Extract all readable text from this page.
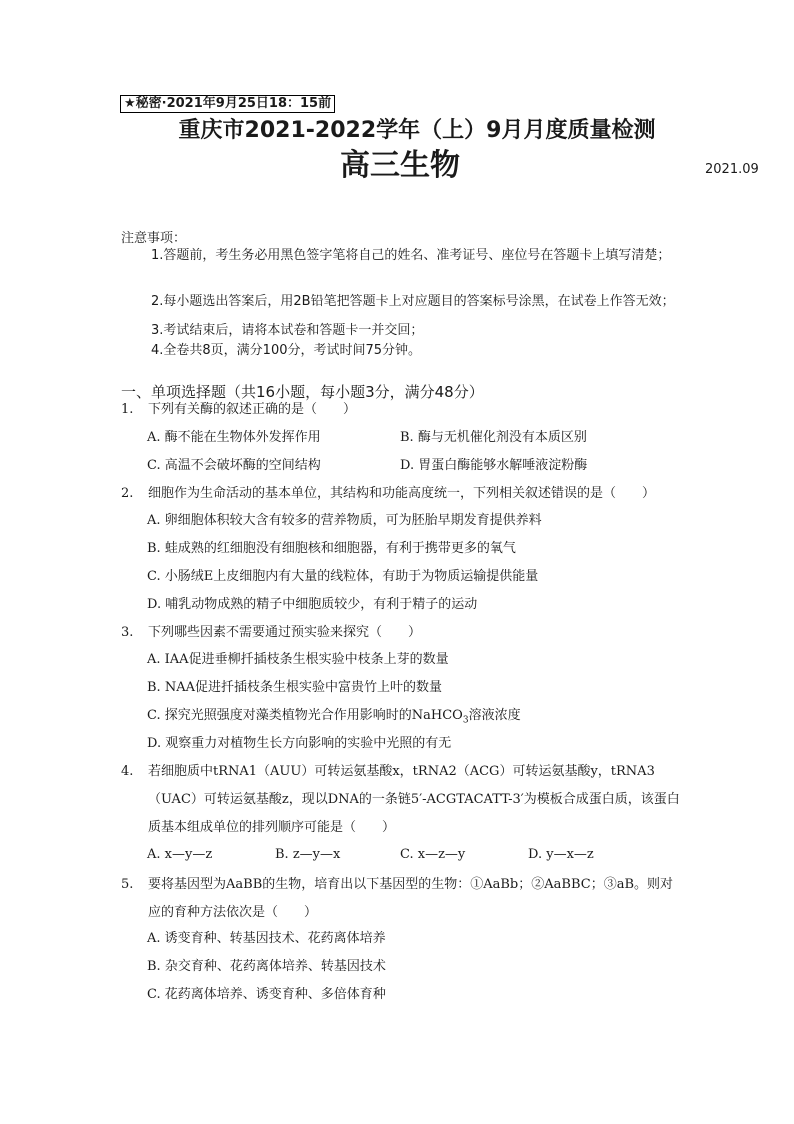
★秘密·2021年9月25日18：15前
重庆市2021-2022学年（上）9月月度质量检测
高三生物	2021.09
注意事项：
1.答题前，考生务必用黑色签字笔将自己的姓名、准考证号、座位号在答题卡上填写清楚；
2.每小题选出答案后，用2B铅笔把答题卡上对应题目的答案标号涂黑，在试卷上作答无效；
3.考试结束后，请将本试卷和答题卡一并交回；
4.全卷共8页，满分100分，考试时间75分钟。
一、单项选择题（共16小题，每小题3分，满分48分）
1. 下列有关酶的叙述正确的是（　　）
A. 酶不能在生物体外发挥作用	B. 酶与无机催化剂没有本质区别
C. 高温不会破坏酶的空间结构	D. 胃蛋白酶能够水解唾液淀粉酶
2. 细胞作为生命活动的基本单位，其结构和功能高度统一，下列相关叙述错误的是（　　）
A. 卵细胞体积较大含有较多的营养物质，可为胚胎早期发育提供养料
B. 蛙成熟的红细胞没有细胞核和细胞器，有利于携带更多的氧气
C. 小肠绒E上皮细胞内有大量的线粒体，有助于为物质运输提供能量
D. 哺乳动物成熟的精子中细胞质较少，有利于精子的运动
3. 下列哪些因素不需要通过预实验来探究（　　）
A. IAA促进垂柳扦插枝条生根实验中枝条上芽的数量
B. NAA促进扦插枝条生根实验中富贵竹上叶的数量
C. 探究光照强度对藻类植物光合作用影响时的NaHCO$_3$溶液浓度
D. 观察重力对植物生长方向影响的实验中光照的有无
4. 若细胞质中tRNA1（AUU）可转运氨基酸x，tRNA2（ACG）可转运氨基酸y，tRNA3（UAC）可转运氨基酸z，现以DNA的一条链5′-ACGTACATT-3′为模板合成蛋白质，该蛋白质基本组成单位的排列顺序可能是（　　）
A. x—y—z	B. z—y—x	C. x—z—y	D. y—x—z
5. 要将基因型为AaBB的生物，培育出以下基因型的生物：①AaBb；②AaBBC；③aB。则对应的育种方法依次是（　　）
A. 诱变育种、转基因技术、花药离体培养
B. 杂交育种、花药离体培养、转基因技术
C. 花药离体培养、诱变育种、多倍体育种
